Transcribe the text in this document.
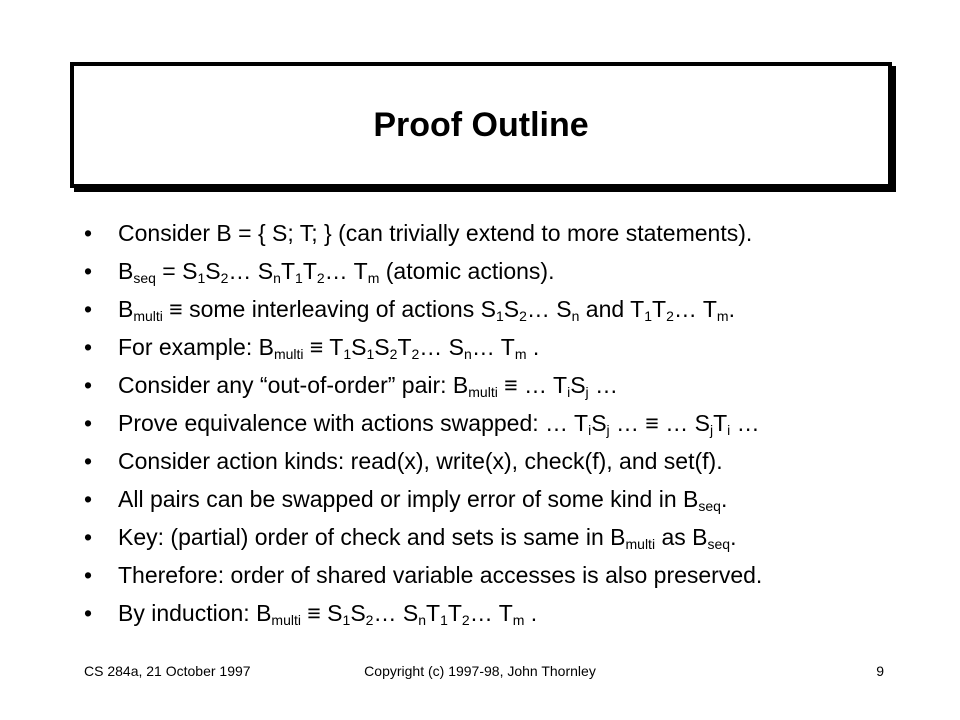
Proof Outline
• Consider B = { S; T; } (can trivially extend to more statements).
• $B_{seq}$ = $S_1S_2\dots$ $S_nT_1T_2\dots$ $T_m$ (atomic actions).
• $B_{multi}$ ≡ some interleaving of actions $S_1S_2\dots$ $S_n$ and $T_1T_2\dots$ $T_m$.
• For example: $B_{multi}$ ≡ $T_1S_1S_2T_2\dots$ $S_n\dots$ $T_m$ .
• Consider any “out-of-order” pair: $B_{multi}$ ≡ … $T_iS_j$ …
• Prove equivalence with actions swapped: … $T_iS_j$ … ≡ … $S_jT_i$ …
• Consider action kinds: read(x), write(x), check(f), and set(f).
• All pairs can be swapped or imply error of some kind in $B_{seq}$.
• Key: (partial) order of check and sets is same in $B_{multi}$ as $B_{seq}$.
• Therefore: order of shared variable accesses is also preserved.
• By induction: $B_{multi}$ ≡ $S_1S_2\dots$ $S_nT_1T_2\dots$ $T_m$ .
CS 284a, 21 October 1997	Copyright (c) 1997-98, John Thornley	9
